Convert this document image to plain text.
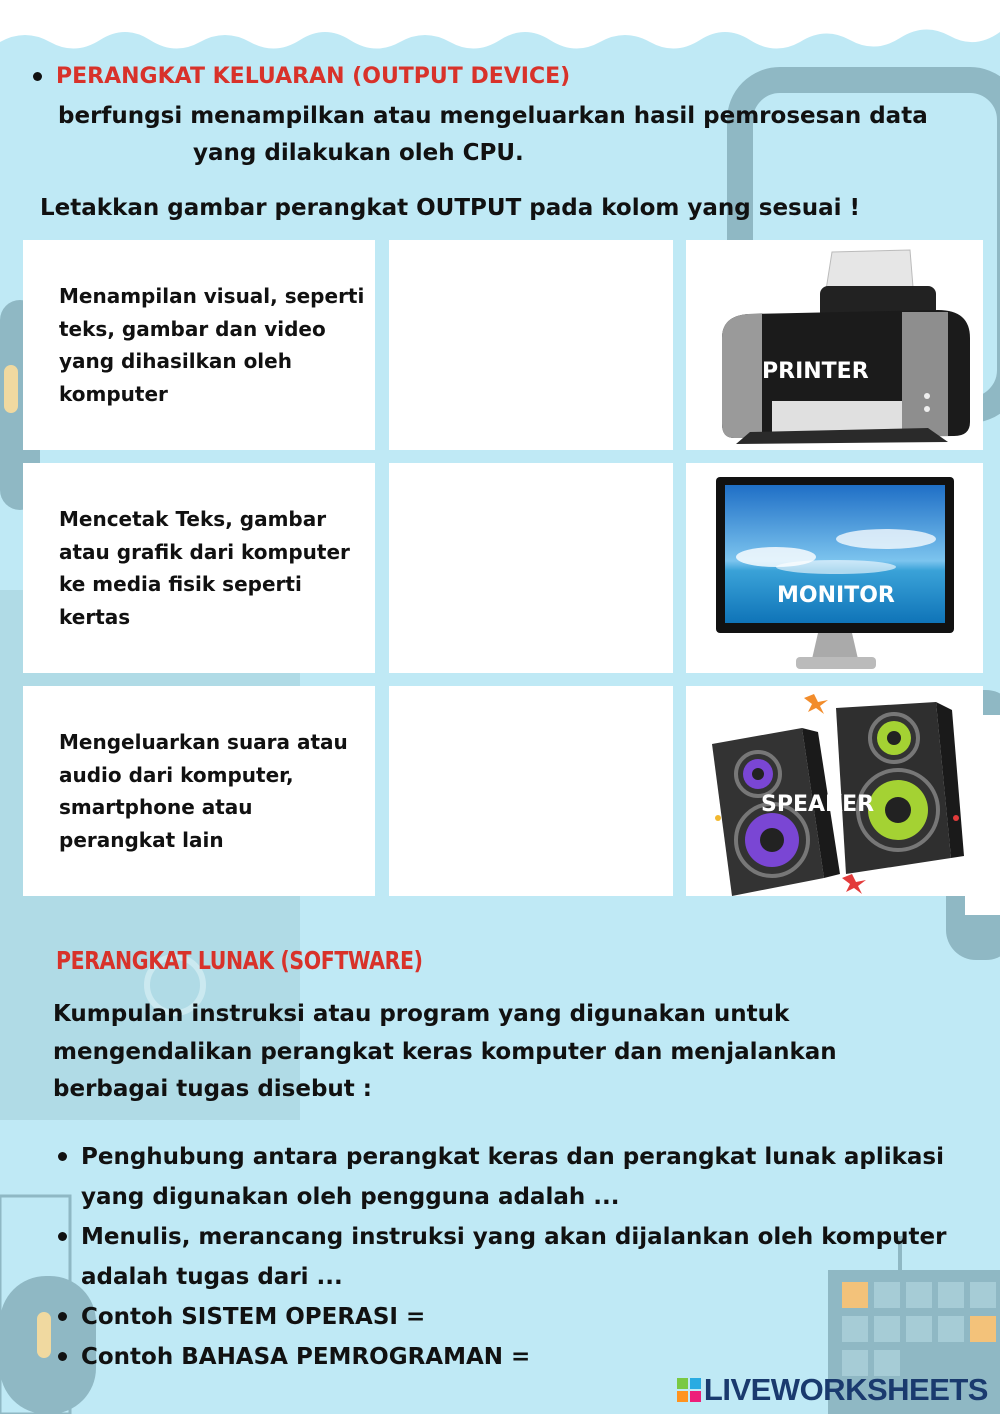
PERANGKAT KELUARAN (OUTPUT DEVICE)
berfungsi menampilkan atau mengeluarkan hasil pemrosesan data
yang dilakukan oleh CPU.
Letakkan gambar perangkat OUTPUT pada kolom yang sesuai !
Menampilan visual, seperti teks, gambar dan video yang dihasilkan oleh komputer
PRINTER
Mencetak Teks, gambar atau grafik dari komputer ke media fisik seperti kertas
MONITOR
Mengeluarkan suara atau audio dari komputer, smartphone atau perangkat lain
SPEAKER
PERANGKAT LUNAK (SOFTWARE)
Kumpulan instruksi atau program yang digunakan untuk mengendalikan perangkat keras komputer dan menjalankan berbagai tugas disebut :
Penghubung antara perangkat keras dan perangkat lunak aplikasi yang digunakan oleh pengguna adalah ...
Menulis, merancang instruksi yang akan dijalankan oleh komputer adalah tugas dari ...
Contoh SISTEM OPERASI =
Contoh BAHASA PEMROGRAMAN =
LIVEWORKSHEETS
